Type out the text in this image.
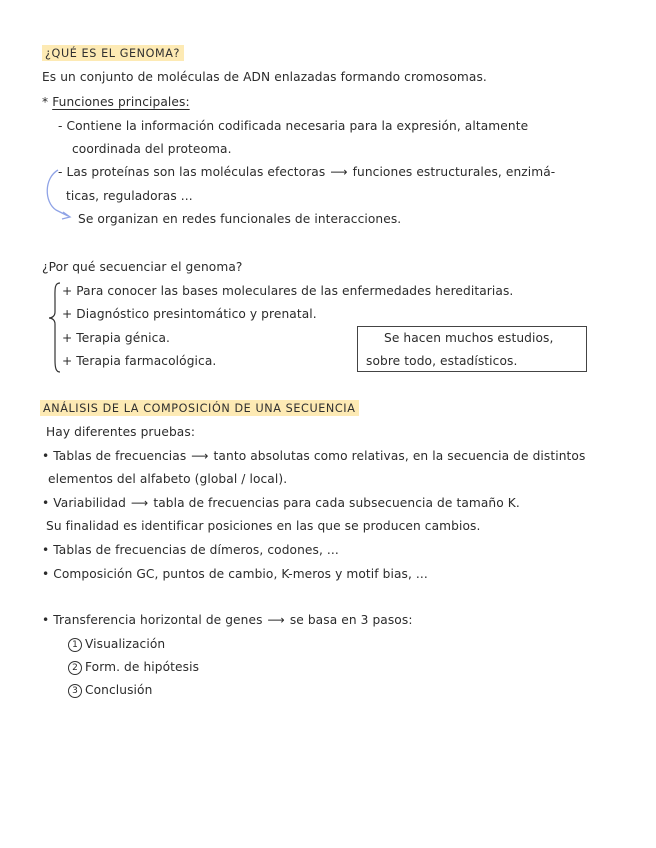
¿QUÉ ES EL GENOMA?
Es un conjunto de moléculas de ADN enlazadas formando cromosomas.
* Funciones principales:
- Contiene la información codificada necesaria para la expresión, altamente
coordinada del proteoma.
- Las proteínas son las moléculas efectoras ⟶ funciones estructurales, enzimá-
ticas, reguladoras ...
Se organizan en redes funcionales de interacciones.
¿Por qué secuenciar el genoma?
+ Para conocer las bases moleculares de las enfermedades hereditarias.
+ Diagnóstico presintomático y prenatal.
+ Terapia génica.
+ Terapia farmacológica.
Se hacen muchos estudios,
sobre todo, estadísticos.
ANÁLISIS DE LA COMPOSICIÓN DE UNA SECUENCIA
Hay diferentes pruebas:
• Tablas de frecuencias ⟶ tanto absolutas como relativas, en la secuencia de distintos
elementos del alfabeto (global / local).
• Variabilidad ⟶ tabla de frecuencias para cada subsecuencia de tamaño K.
Su finalidad es identificar posiciones en las que se producen cambios.
• Tablas de frecuencias de dímeros, codones, ...
• Composición GC, puntos de cambio, K-meros y motif bias, ...
• Transferencia horizontal de genes ⟶ se basa en 3 pasos:
1 Visualización
2 Form. de hipótesis
3 Conclusión
